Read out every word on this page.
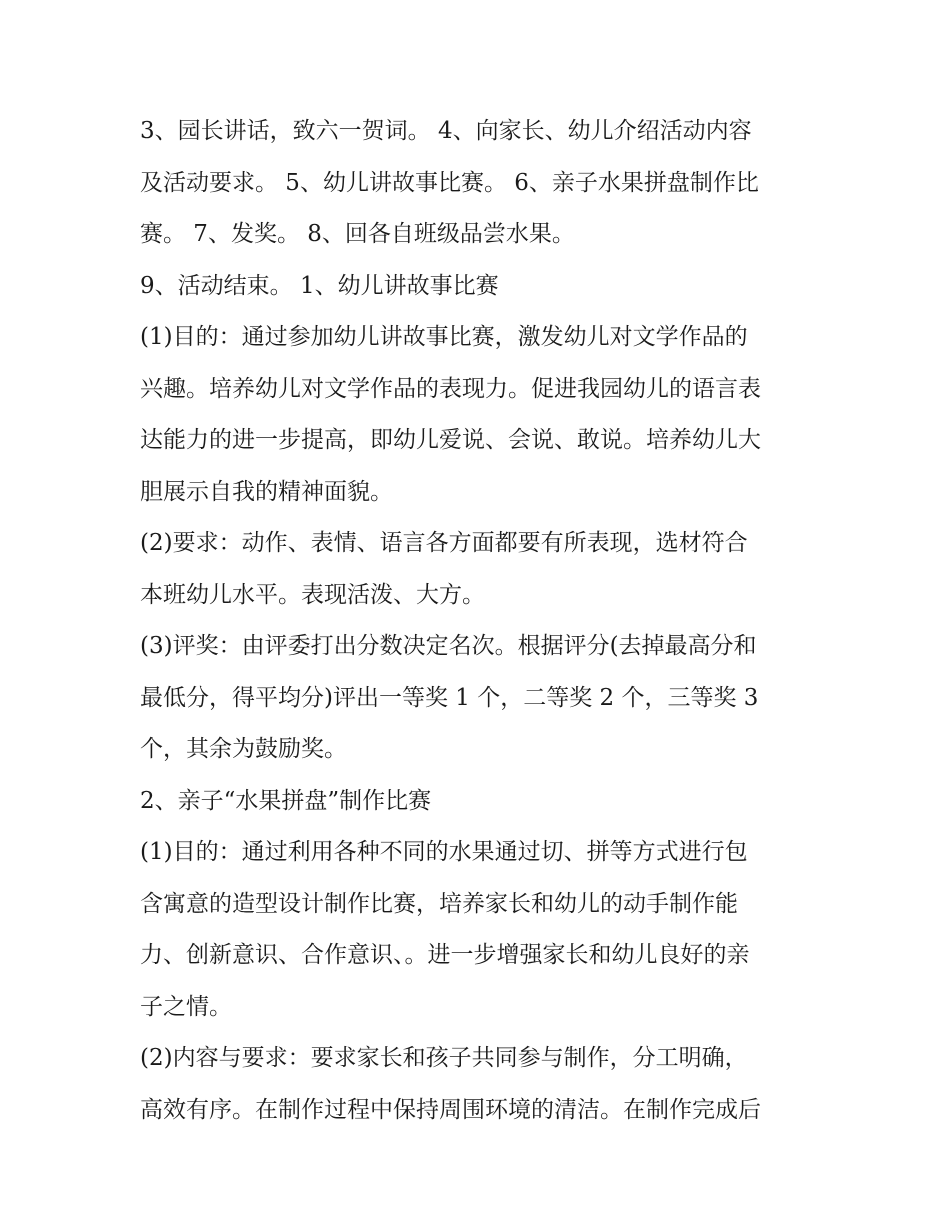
3、园长讲话，致六一贺词。 4、向家长、幼儿介绍活动内容
及活动要求。 5、幼儿讲故事比赛。 6、亲子水果拼盘制作比
赛。 7、发奖。 8、回各自班级品尝水果。
9、活动结束。 1、幼儿讲故事比赛
(1)目的：通过参加幼儿讲故事比赛，激发幼儿对文学作品的
兴趣。培养幼儿对文学作品的表现力。促进我园幼儿的语言表
达能力的进一步提高，即幼儿爱说、会说、敢说。培养幼儿大
胆展示自我的精神面貌。
(2)要求：动作、表情、语言各方面都要有所表现，选材符合
本班幼儿水平。表现活泼、大方。
(3)评奖：由评委打出分数决定名次。根据评分(去掉最高分和
最低分，得平均分)评出一等奖 1 个，二等奖 2 个，三等奖 3
个，其余为鼓励奖。
2、亲子“水果拼盘”制作比赛
(1)目的：通过利用各种不同的水果通过切、拼等方式进行包
含寓意的造型设计制作比赛，培养家长和幼儿的动手制作能
力、创新意识、合作意识、。进一步增强家长和幼儿良好的亲
子之情。
(2)内容与要求：要求家长和孩子共同参与制作，分工明确，
高效有序。在制作过程中保持周围环境的清洁。在制作完成后
